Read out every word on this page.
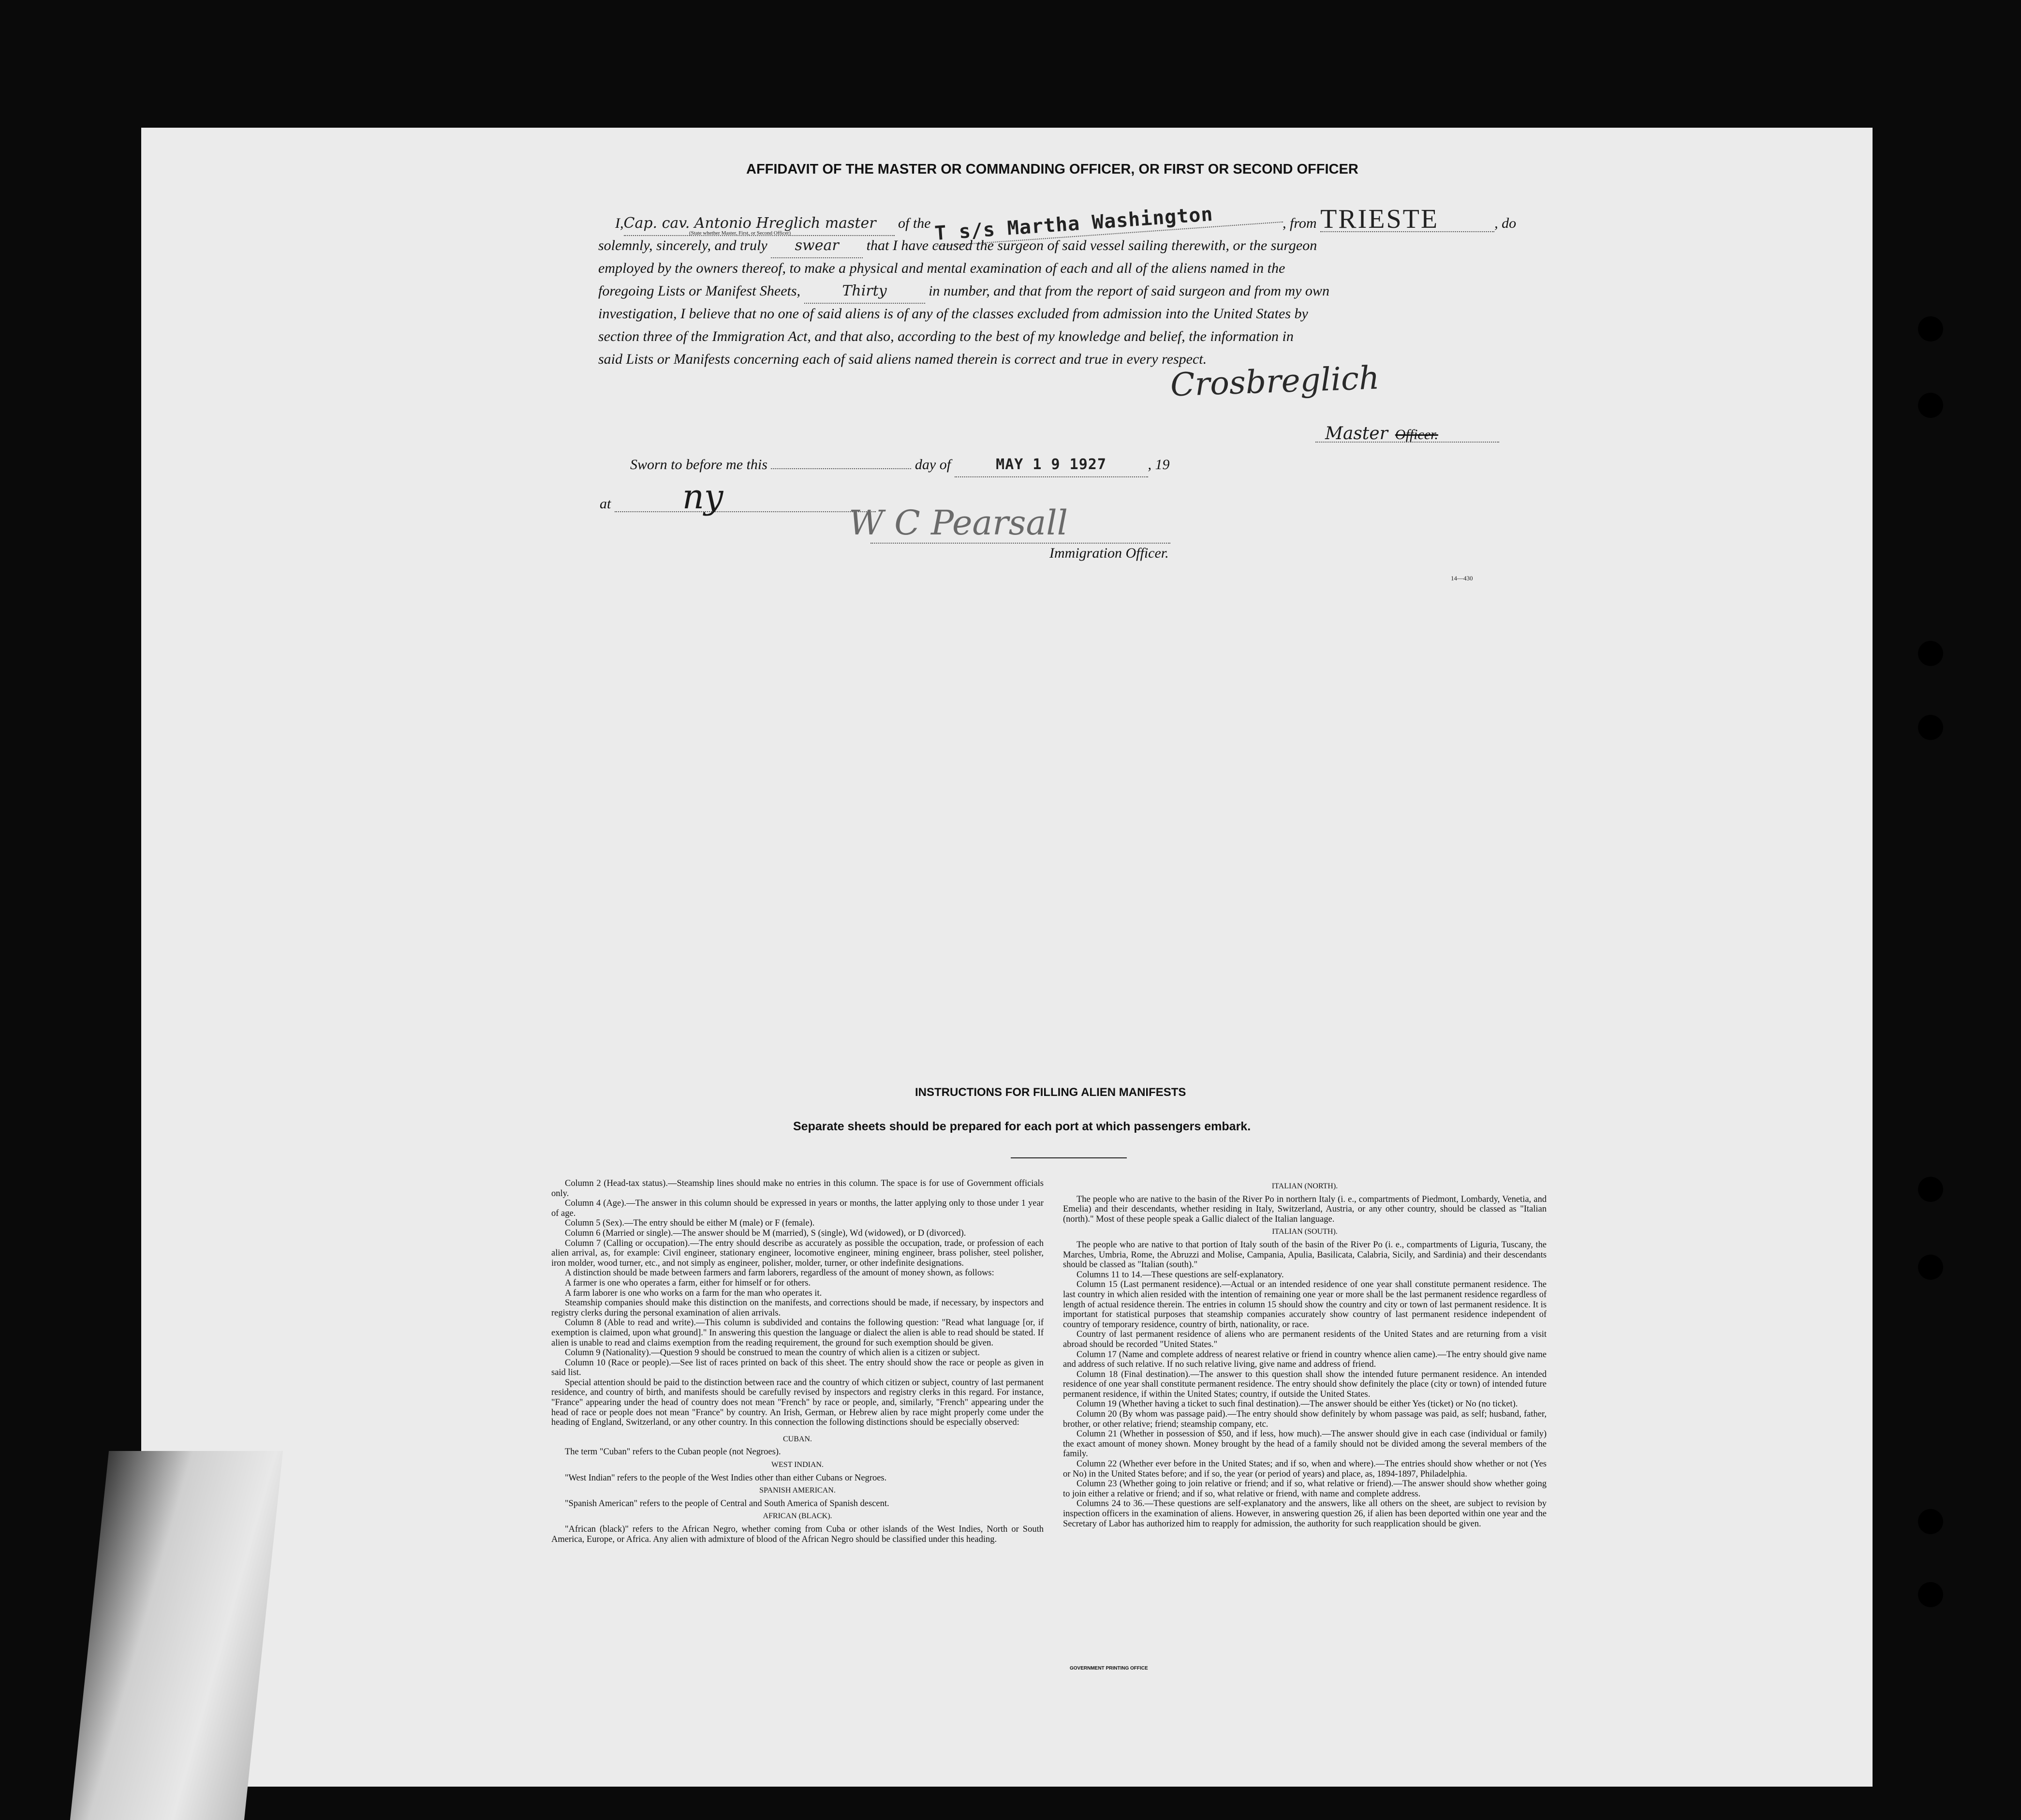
AFFIDAVIT OF THE MASTER OR COMMANDING OFFICER, OR FIRST OR SECOND OFFICER
I,Cap. cav. Antonio Hreglich master of the T s/s Martha Washington	, from TRIESTE	, do
(State whether Master, First, or Second Officer)
solemnly, sincerely, and truly swear that I have caused the surgeon of said vessel sailing therewith, or the surgeon
employed by the owners thereof, to make a physical and mental examination of each and all of the aliens named in the
foregoing Lists or Manifest Sheets,	Thirty	in number, and that from the report of said surgeon and from my own
investigation, I believe that no one of said aliens is of any of the classes excluded from admission into the United States by
section three of the Immigration Act, and that also, according to the best of my knowledge and belief, the information in
said Lists or Manifests concerning each of said aliens named therein is correct and true in every respect.
Crosbreglich
Master Officer.
Sworn to before me this	day of	MAY 1 9 1927	, 19
at ny
W C Pearsall
Immigration Officer.
14—430
INSTRUCTIONS FOR FILLING ALIEN MANIFESTS
Separate sheets should be prepared for each port at which passengers embark.

Column 2 (Head-tax status).—Steamship lines should make no entries in this column. The space is for use of Government officials only.

Column 4 (Age).—The answer in this column should be expressed in years or months, the latter applying only to those under 1 year of age.

Column 5 (Sex).—The entry should be either M (male) or F (female).

Column 6 (Married or single).—The answer should be M (married), S (single), Wd (widowed), or D (divorced).

Column 7 (Calling or occupation).—The entry should describe as accurately as possible the occupation, trade, or profession of each alien arrival, as, for example: Civil engineer, stationary engineer, locomotive engineer, mining engineer, brass polisher, steel polisher, iron molder, wood turner, etc., and not simply as engineer, polisher, molder, turner, or other indefinite designations.

A distinction should be made between farmers and farm laborers, regardless of the amount of money shown, as follows:

A farmer is one who operates a farm, either for himself or for others.

A farm laborer is one who works on a farm for the man who operates it.

Steamship companies should make this distinction on the manifests, and corrections should be made, if necessary, by inspectors and registry clerks during the personal examination of alien arrivals.

Column 8 (Able to read and write).—This column is subdivided and contains the following question: "Read what language [or, if exemption is claimed, upon what ground]." In answering this question the language or dialect the alien is able to read should be stated. If alien is unable to read and claims exemption from the reading requirement, the ground for such exemption should be given.

Column 9 (Nationality).—Question 9 should be construed to mean the country of which alien is a citizen or subject.

Column 10 (Race or people).—See list of races printed on back of this sheet. The entry should show the race or people as given in said list.

Special attention should be paid to the distinction between race and the country of which citizen or subject, country of last permanent residence, and country of birth, and manifests should be carefully revised by inspectors and registry clerks in this regard. For instance, "France" appearing under the head of country does not mean "French" by race or people, and, similarly, "French" appearing under the head of race or people does not mean "France" by country. An Irish, German, or Hebrew alien by race might properly come under the heading of England, Switzerland, or any other country. In this connection the following distinctions should be especially observed:

CUBAN.

The term "Cuban" refers to the Cuban people (not Negroes).

WEST INDIAN.

"West Indian" refers to the people of the West Indies other than either Cubans or Negroes.

SPANISH AMERICAN.

"Spanish American" refers to the people of Central and South America of Spanish descent.

AFRICAN (BLACK).

"African (black)" refers to the African Negro, whether coming from Cuba or other islands of the West Indies, North or South America, Europe, or Africa. Any alien with admixture of blood of the African Negro should be classified under this heading.

ITALIAN (NORTH).

The people who are native to the basin of the River Po in northern Italy (i. e., compartments of Piedmont, Lombardy, Venetia, and Emelia) and their descendants, whether residing in Italy, Switzerland, Austria, or any other country, should be classed as "Italian (north)." Most of these people speak a Gallic dialect of the Italian language.

ITALIAN (SOUTH).

The people who are native to that portion of Italy south of the basin of the River Po (i. e., compartments of Liguria, Tuscany, the Marches, Umbria, Rome, the Abruzzi and Molise, Campania, Apulia, Basilicata, Calabria, Sicily, and Sardinia) and their descendants should be classed as "Italian (south)."

Columns 11 to 14.—These questions are self-explanatory.

Column 15 (Last permanent residence).—Actual or an intended residence of one year shall constitute permanent residence. The last country in which alien resided with the intention of remaining one year or more shall be the last permanent residence regardless of length of actual residence therein. The entries in column 15 should show the country and city or town of last permanent residence. It is important for statistical purposes that steamship companies accurately show country of last permanent residence independent of country of temporary residence, country of birth, nationality, or race.

Country of last permanent residence of aliens who are permanent residents of the United States and are returning from a visit abroad should be recorded "United States."

Column 17 (Name and complete address of nearest relative or friend in country whence alien came).—The entry should give name and address of such relative. If no such relative living, give name and address of friend.

Column 18 (Final destination).—The answer to this question shall show the intended future permanent residence. An intended residence of one year shall constitute permanent residence. The entry should show definitely the place (city or town) of intended future permanent residence, if within the United States; country, if outside the United States.

Column 19 (Whether having a ticket to such final destination).—The answer should be either Yes (ticket) or No (no ticket).

Column 20 (By whom was passage paid).—The entry should show definitely by whom passage was paid, as self; husband, father, brother, or other relative; friend; steamship company, etc.

Column 21 (Whether in possession of $50, and if less, how much).—The answer should give in each case (individual or family) the exact amount of money shown. Money brought by the head of a family should not be divided among the several members of the family.

Column 22 (Whether ever before in the United States; and if so, when and where).—The entries should show whether or not (Yes or No) in the United States before; and if so, the year (or period of years) and place, as, 1894-1897, Philadelphia.

Column 23 (Whether going to join relative or friend; and if so, what relative or friend).—The answer should show whether going to join either a relative or friend; and if so, what relative or friend, with name and complete address.

Columns 24 to 36.—These questions are self-explanatory and the answers, like all others on the sheet, are subject to revision by inspection officers in the examination of aliens. However, in answering question 26, if alien has been deported within one year and the Secretary of Labor has authorized him to reapply for admission, the authority for such reapplication should be given.

GOVERNMENT PRINTING OFFICE
